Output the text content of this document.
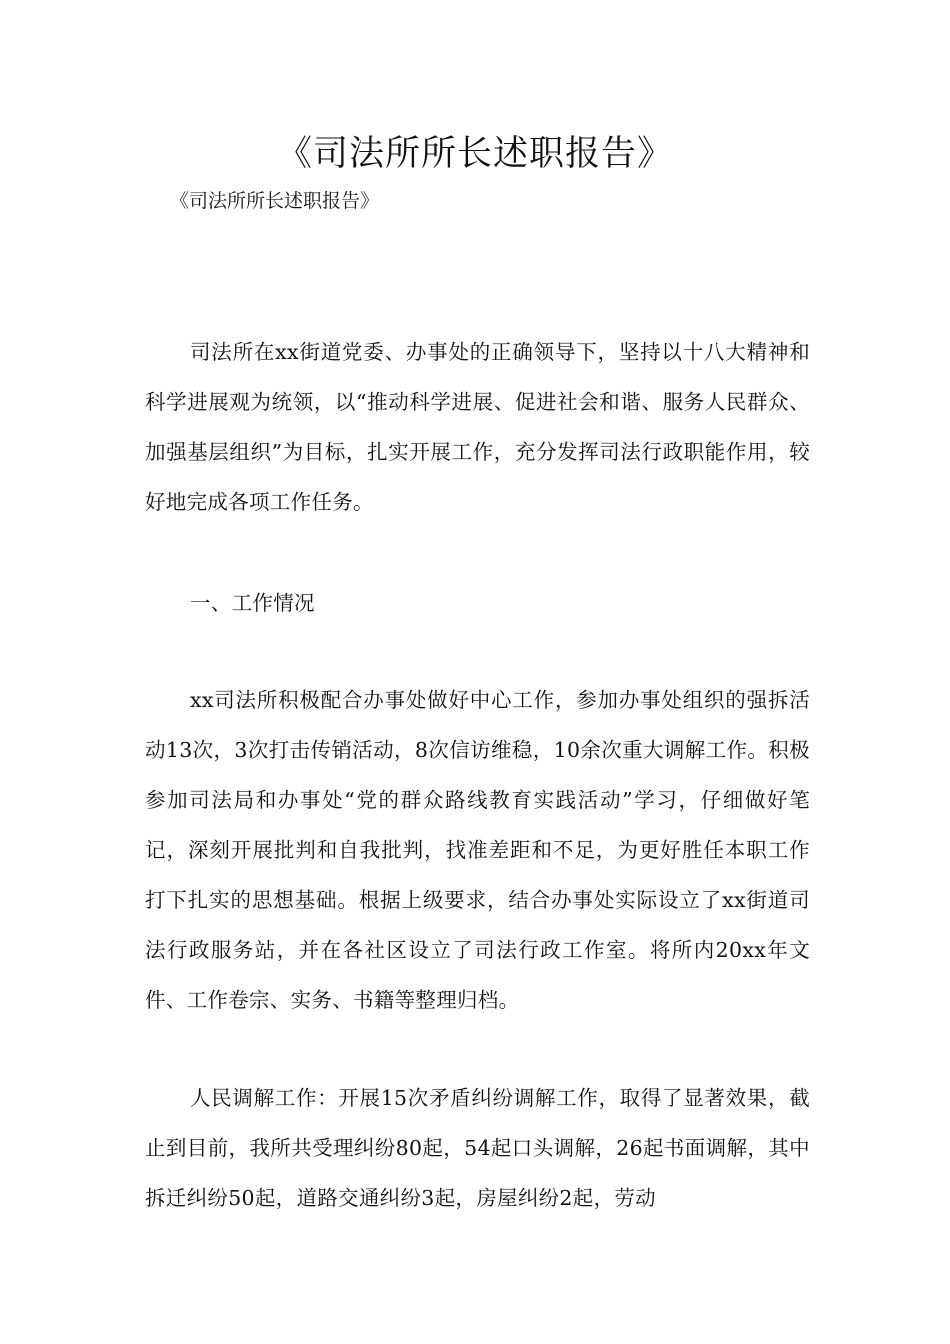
《司法所所长述职报告》

《司法所所长述职报告》

司法所在xx街道党委、办事处的正确领导下，坚持以十八大精神和科学进展观为统领，以“推动科学进展、促进社会和谐、服务人民群众、加强基层组织”为目标，扎实开展工作，充分发挥司法行政职能作用，较好地完成各项工作任务。

一、工作情况

xx司法所积极配合办事处做好中心工作，参加办事处组织的强拆活动13次，3次打击传销活动，8次信访维稳，10余次重大调解工作。积极参加司法局和办事处“党的群众路线教育实践活动”学习，仔细做好笔记，深刻开展批判和自我批判，找准差距和不足，为更好胜任本职工作打下扎实的思想基础。根据上级要求，结合办事处实际设立了xx街道司法行政服务站，并在各社区设立了司法行政工作室。将所内20xx年文件、工作卷宗、实务、书籍等整理归档。

人民调解工作：开展15次矛盾纠纷调解工作，取得了显著效果，截止到目前，我所共受理纠纷80起，54起口头调解，26起书面调解，其中拆迁纠纷50起，道路交通纠纷3起，房屋纠纷2起，劳动
